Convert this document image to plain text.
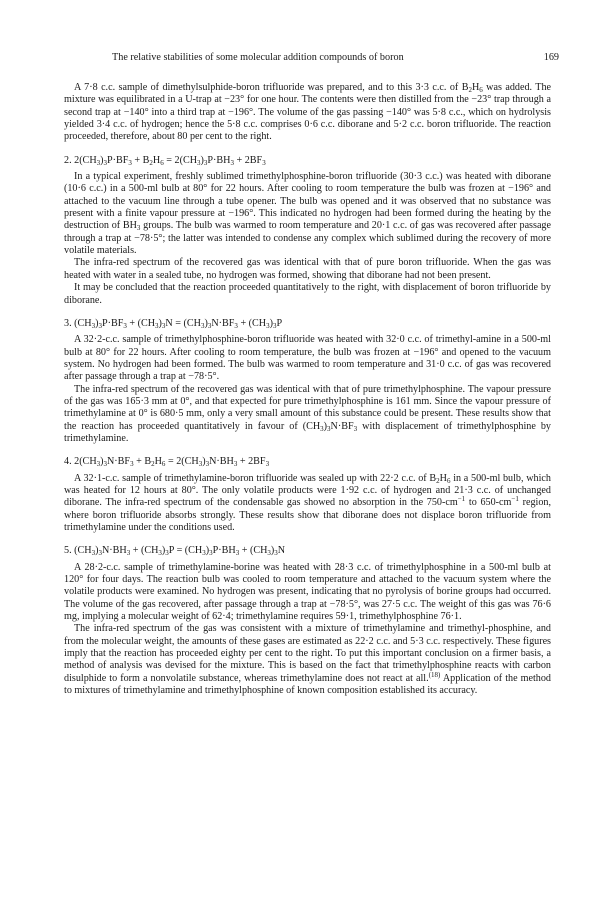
The relative stabilities of some molecular addition compounds of boron	169

A 7·8 c.c. sample of dimethylsulphide-boron trifluoride was prepared, and to this 3·3 c.c. of $B_2H_6$ was added. The mixture was equilibrated in a U-trap at −23° for one hour. The contents were then distilled from the −23° trap through a second trap at −140° into a third trap at −196°. The volume of the gas passing −140° was 5·8 c.c., which on hydrolysis yielded 3·4 c.c. of hydrogen; hence the 5·8 c.c. comprises 0·6 c.c. diborane and 5·2 c.c. boron trifluoride. The reaction proceeded, therefore, about 80 per cent to the right.

2. $2(CH_3)_3P\cdot BF_3 + B_2H_6 = 2(CH_3)_3P\cdot BH_3 + 2BF_3$

In a typical experiment, freshly sublimed trimethylphosphine-boron trifluoride (30·3 c.c.) was heated with diborane (10·6 c.c.) in a 500-ml bulb at 80° for 22 hours. After cooling to room temperature the bulb was frozen at −196° and attached to the vacuum line through a tube opener. The bulb was opened and it was observed that no substance was present with a finite vapour pressure at −196°. This indicated no hydrogen had been formed during the heating by the destruction of $BH_3$ groups. The bulb was warmed to room temperature and 20·1 c.c. of gas was recovered after passage through a trap at −78·5°; the latter was intended to condense any complex which sublimed during the recovery of more volatile materials.

The infra-red spectrum of the recovered gas was identical with that of pure boron trifluoride. When the gas was heated with water in a sealed tube, no hydrogen was formed, showing that diborane had not been present.

It may be concluded that the reaction proceeded quantitatively to the right, with displacement of boron trifluoride by diborane.

3. $(CH_3)_3P\cdot BF_3 + (CH_3)_3N = (CH_3)_3N\cdot BF_3 + (CH_3)_3P$

A 32·2-c.c. sample of trimethylphosphine-boron trifluoride was heated with 32·0 c.c. of trimethyl-amine in a 500-ml bulb at 80° for 22 hours. After cooling to room temperature, the bulb was frozen at −196° and opened to the vacuum system. No hydrogen had been formed. The bulb was warmed to room temperature and 31·0 c.c. of gas was recovered after passage through a trap at −78·5°.

The infra-red spectrum of the recovered gas was identical with that of pure trimethylphosphine. The vapour pressure of the gas was 165·3 mm at 0°, and that expected for pure trimethylphosphine is 161 mm. Since the vapour pressure of trimethylamine at 0° is 680·5 mm, only a very small amount of this substance could be present. These results show that the reaction has proceeded quantitatively in favour of $(CH_3)_3N\cdot BF_3$ with displacement of trimethylphosphine by trimethylamine.

4. $2(CH_3)_3N\cdot BF_3 + B_2H_6 = 2(CH_3)_3N\cdot BH_3 + 2BF_3$

A 32·1-c.c. sample of trimethylamine-boron trifluoride was sealed up with 22·2 c.c. of $B_2H_6$ in a 500-ml bulb, which was heated for 12 hours at 80°. The only volatile products were 1·92 c.c. of hydrogen and 21·3 c.c. of unchanged diborane. The infra-red spectrum of the condensable gas showed no absorption in the $750-cm^{-1}$ to $650-cm^{-1}$ region, where boron trifluoride absorbs strongly. These results show that diborane does not displace boron trifluoride from trimethylamine under the conditions used.

5. $(CH_3)_3N\cdot BH_3 + (CH_3)_3P = (CH_3)_3P\cdot BH_3 + (CH_3)_3N$

A 28·2-c.c. sample of trimethylamine-borine was heated with 28·3 c.c. of trimethylphosphine in a 500-ml bulb at 120° for four days. The reaction bulb was cooled to room temperature and attached to the vacuum system where the volatile products were examined. No hydrogen was present, indicating that no pyrolysis of borine groups had occurred. The volume of the gas recovered, after passage through a trap at −78·5°, was 27·5 c.c. The weight of this gas was 76·6 mg, implying a molecular weight of 62·4; trimethylamine requires 59·1, trimethylphosphine 76·1.

The infra-red spectrum of the gas was consistent with a mixture of trimethylamine and trimethyl-phosphine, and from the molecular weight, the amounts of these gases are estimated as 22·2 c.c. and 5·3 c.c. respectively. These figures imply that the reaction has proceeded eighty per cent to the right. To put this important conclusion on a firmer basis, a method of analysis was devised for the mixture. This is based on the fact that trimethylphosphine reacts with carbon disulphide to form a nonvolatile substance, whereas trimethylamine does not react at all.$^{(18)}$ Application of the method to mixtures of trimethylamine and trimethylphosphine of known composition established its accuracy.
